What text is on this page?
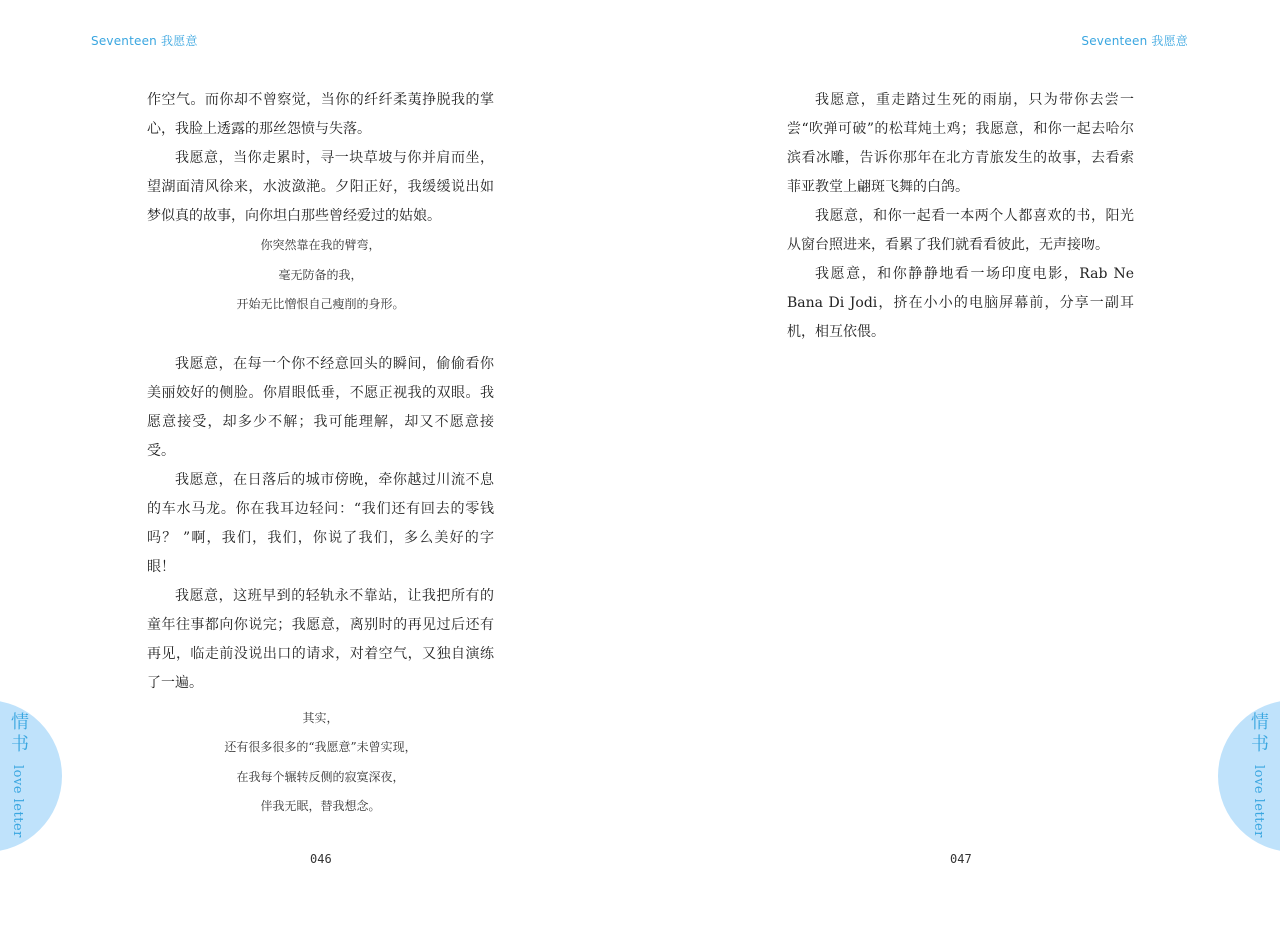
Seventeen 我愿意

作空气。而你却不曾察觉，当你的纤纤柔荑挣脱我的掌心，我脸上透露的那丝怨愤与失落。

我愿意，当你走累时，寻一块草坡与你并肩而坐，望湖面清风徐来，水波潋滟。夕阳正好，我缓缓说出如梦似真的故事，向你坦白那些曾经爱过的姑娘。

你突然靠在我的臂弯，

毫无防备的我，

开始无比憎恨自己瘦削的身形。

我愿意，在每一个你不经意回头的瞬间，偷偷看你美丽姣好的侧脸。你眉眼低垂，不愿正视我的双眼。我愿意接受，却多少不解；我可能理解，却又不愿意接受。

我愿意，在日落后的城市傍晚，牵你越过川流不息的车水马龙。你在我耳边轻问：“我们还有回去的零钱吗？ ”啊，我们，我们，你说了我们，多么美好的字眼！

我愿意，这班早到的轻轨永不靠站，让我把所有的童年往事都向你说完；我愿意，离别时的再见过后还有再见，临走前没说出口的请求，对着空气，又独自演练了一遍。

其实，

还有很多很多的“我愿意”未曾实现，

在我每个辗转反侧的寂寞深夜，

伴我无眠，替我想念。

046
情书
love letter
Seventeen 我愿意

我愿意，重走踏过生死的雨崩，只为带你去尝一尝“吹弹可破”的松茸炖土鸡；我愿意，和你一起去哈尔滨看冰雕，告诉你那年在北方青旅发生的故事，去看索菲亚教堂上翩斑飞舞的白鸽。

我愿意，和你一起看一本两个人都喜欢的书，阳光从窗台照进来，看累了我们就看看彼此，无声接吻。

我愿意，和你静静地看一场印度电影，Rab Ne Bana Di Jodi，挤在小小的电脑屏幕前，分享一副耳机，相互依偎。

047
情书
love letter
